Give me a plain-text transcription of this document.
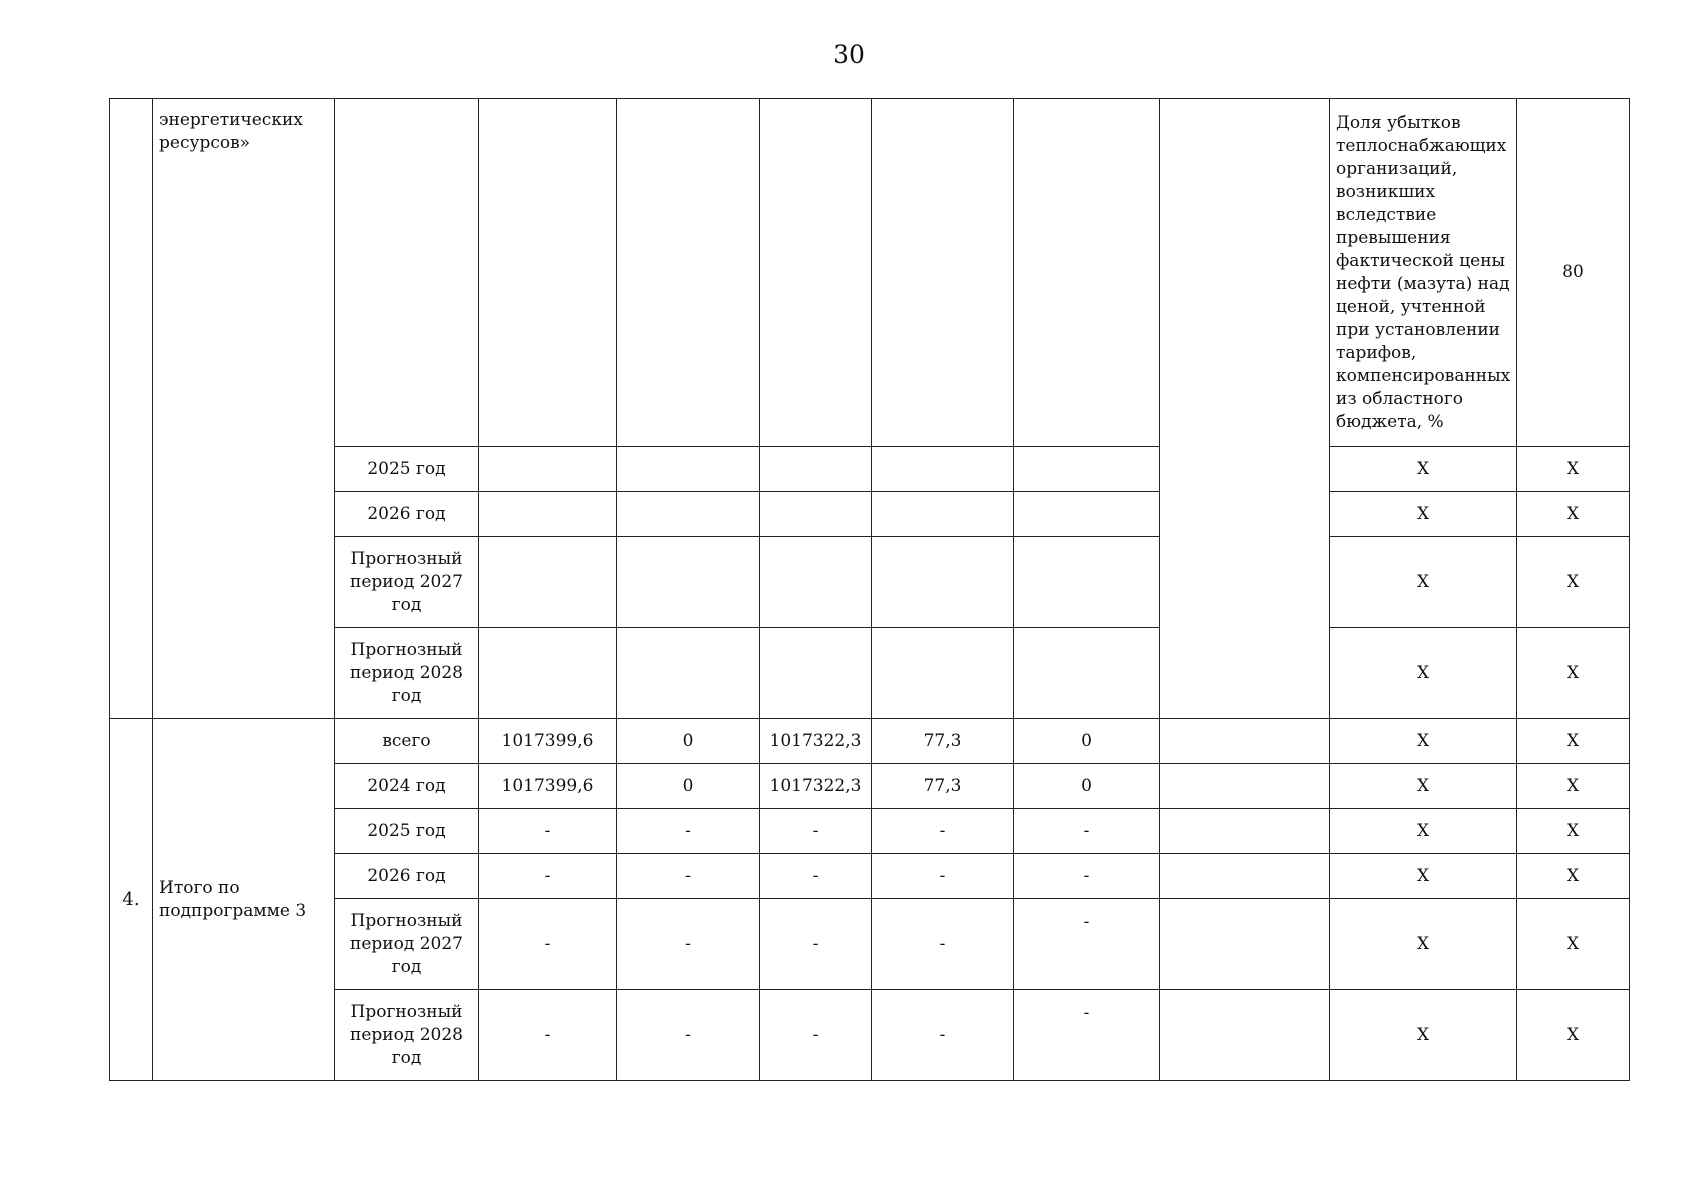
30
	энергетических ресурсов»								Доля убытков теплоснабжающих организаций, возникших вследствие превышения фактической цены нефти (мазута) над ценой, учтенной при установлении тарифов, компенсированных из областного бюджета, %	80
		2025 год							X	X
		2026 год							X	X
		Прогнозный период 2027 год							X	X
		Прогнозный период 2028 год							X	X
4.	Итого по подпрограмме 3	всего	1017399,6	0	1017322,3	77,3	0		X	X
		2024 год	1017399,6	0	1017322,3	77,3	0		X	X
		2025 год	-	-	-	-	-		X	X
		2026 год	-	-	-	-	-		X	X
		Прогнозный период 2027 год	-	-	-	-	-		X	X
		Прогнозный период 2028 год	-	-	-	-	-		X	X
